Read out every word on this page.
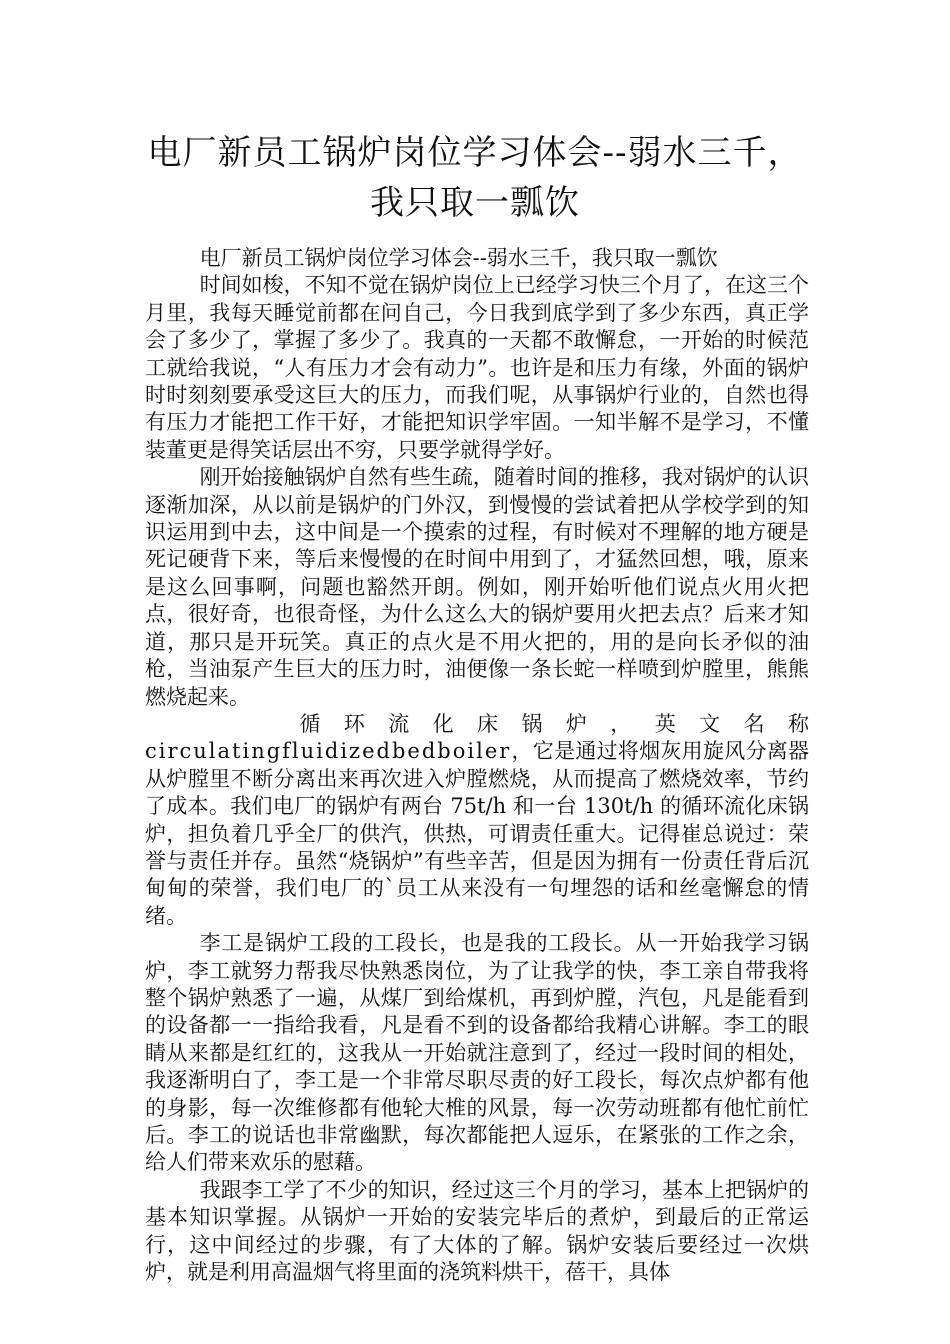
电厂新员工锅炉岗位学习体会--弱水三千，
我只取一瓢饮

电厂新员工锅炉岗位学习体会--弱水三千，我只取一瓢饮

时间如梭，不知不觉在锅炉岗位上已经学习快三个月了，在这三个月里，我每天睡觉前都在问自己，今日我到底学到了多少东西，真正学会了多少了，掌握了多少了。我真的一天都不敢懈怠，一开始的时候范工就给我说，“人有压力才会有动力”。也许是和压力有缘，外面的锅炉时时刻刻要承受这巨大的压力，而我们呢，从事锅炉行业的，自然也得有压力才能把工作干好，才能把知识学牢固。一知半解不是学习，不懂装董更是得笑话层出不穷，只要学就得学好。

刚开始接触锅炉自然有些生疏，随着时间的推移，我对锅炉的认识逐渐加深，从以前是锅炉的门外汉，到慢慢的尝试着把从学校学到的知识运用到中去，这中间是一个摸索的过程，有时候对不理解的地方硬是死记硬背下来，等后来慢慢的在时间中用到了，才猛然回想，哦，原来是这么回事啊，问题也豁然开朗。例如，刚开始听他们说点火用火把点，很好奇，也很奇怪，为什么这么大的锅炉要用火把去点？后来才知道，那只是开玩笑。真正的点火是不用火把的，用的是向长矛似的油枪，当油泵产生巨大的压力时，油便像一条长蛇一样喷到炉膛里，熊熊燃烧起来。

循 环 流 化 床 锅 炉 ， 英 文 名 称

circulatingfluidizedbedboiler，它是通过将烟灰用旋风分离器从炉膛里不断分离出来再次进入炉膛燃烧，从而提高了燃烧效率，节约了成本。我们电厂的锅炉有两台 75t/h 和一台 130t/h 的循环流化床锅炉，担负着几乎全厂的供汽，供热，可谓责任重大。记得崔总说过：荣誉与责任并存。虽然“烧锅炉”有些辛苦，但是因为拥有一份责任背后沉甸甸的荣誉，我们电厂的`员工从来没有一句埋怨的话和丝毫懈怠的情绪。

李工是锅炉工段的工段长，也是我的工段长。从一开始我学习锅炉，李工就努力帮我尽快熟悉岗位，为了让我学的快，李工亲自带我将整个锅炉熟悉了一遍，从煤厂到给煤机，再到炉膛，汽包，凡是能看到的设备都一一指给我看，凡是看不到的设备都给我精心讲解。李工的眼睛从来都是红红的，这我从一开始就注意到了，经过一段时间的相处，我逐渐明白了，李工是一个非常尽职尽责的好工段长，每次点炉都有他的身影，每一次维修都有他轮大椎的风景，每一次劳动班都有他忙前忙后。李工的说话也非常幽默，每次都能把人逗乐，在紧张的工作之余，给人们带来欢乐的慰藉。

我跟李工学了不少的知识，经过这三个月的学习，基本上把锅炉的基本知识掌握。从锅炉一开始的安装完毕后的煮炉，到最后的正常运行，这中间经过的步骤，有了大体的了解。锅炉安装后要经过一次烘炉，就是利用高温烟气将里面的浇筑料烘干，蓓干，具体
